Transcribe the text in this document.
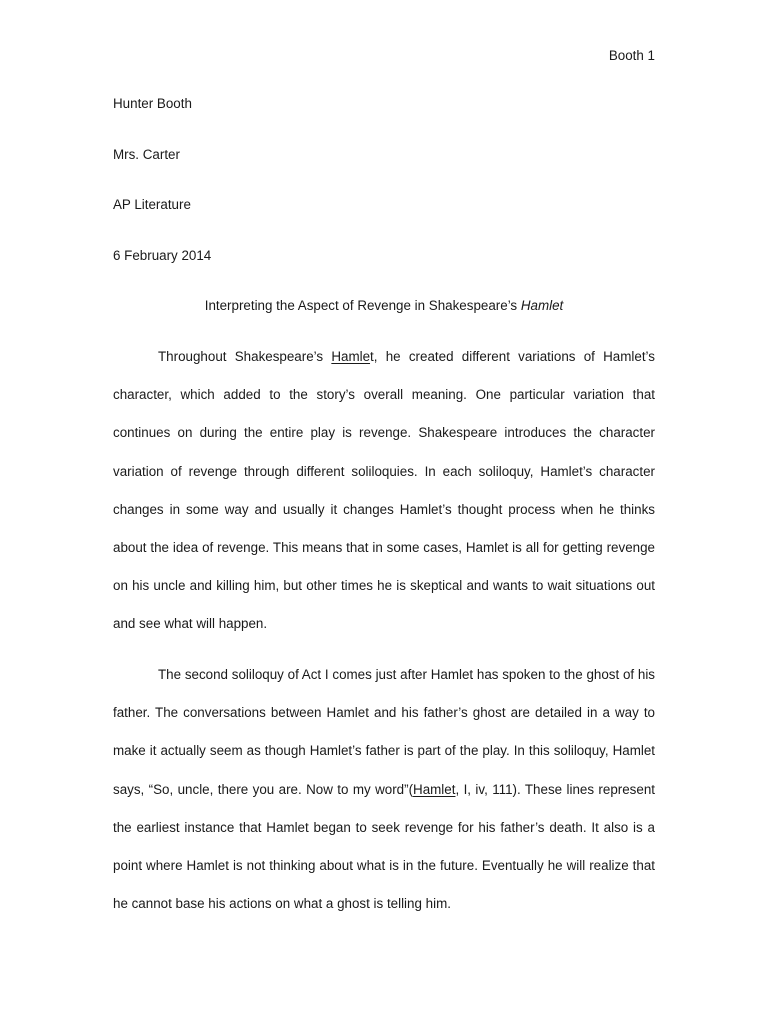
Booth 1
Hunter Booth
Mrs. Carter
AP Literature
6 February 2014
Interpreting the Aspect of Revenge in Shakespeare’s Hamlet

Throughout Shakespeare’s Hamlet, he created different variations of Hamlet’s character, which added to the story’s overall meaning. One particular variation that continues on during the entire play is revenge. Shakespeare introduces the character variation of revenge through different soliloquies. In each soliloquy, Hamlet’s character changes in some way and usually it changes Hamlet’s thought process when he thinks about the idea of revenge. This means that in some cases, Hamlet is all for getting revenge on his uncle and killing him, but other times he is skeptical and wants to wait situations out and see what will happen.

The second soliloquy of Act I comes just after Hamlet has spoken to the ghost of his father. The conversations between Hamlet and his father’s ghost are detailed in a way to make it actually seem as though Hamlet’s father is part of the play. In this soliloquy, Hamlet says, “So, uncle, there you are. Now to my word”(Hamlet, I, iv, 111). These lines represent the earliest instance that Hamlet began to seek revenge for his father’s death. It also is a point where Hamlet is not thinking about what is in the future. Eventually he will realize that he cannot base his actions on what a ghost is telling him.
